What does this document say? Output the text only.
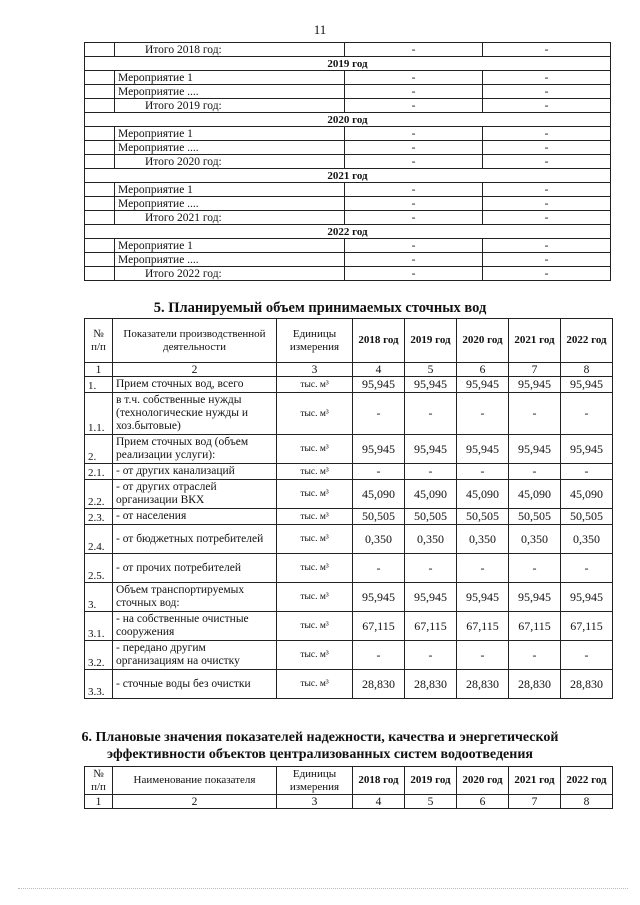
11
	Итого 2018 год:	-	-
2019 год			
	Мероприятие 1	-	-
	Мероприятие ....	-	-
	Итого 2019 год:	-	-
2020 год			
	Мероприятие 1	-	-
	Мероприятие ....	-	-
	Итого 2020 год:	-	-
2021 год			
	Мероприятие 1	-	-
	Мероприятие ....	-	-
	Итого 2021 год:	-	-
2022 год			
	Мероприятие 1	-	-
	Мероприятие ....	-	-
	Итого 2022 год:	-	-
5. Планируемый объем принимаемых сточных вод
№ п/п	Показатели производственной деятельности	Единицы измерения	2018 год	2019 год	2020 год	2021 год	2022 год
1	2	3	4	5	6	7	8
1.	Прием сточных вод, всего	тыс. м³	95,945	95,945	95,945	95,945	95,945
1.1.	в т.ч. собственные нужды (технологические нужды и хоз.бытовые)	тыс. м³	-	-	-	-	-
2.	Прием сточных вод (объем реализации услуги):	тыс. м³	95,945	95,945	95,945	95,945	95,945
2.1.	- от других канализаций	тыс. м³	-	-	-	-	-
2.2.	- от других отраслей организации ВКХ	тыс. м³	45,090	45,090	45,090	45,090	45,090
2.3.	- от населения	тыс. м³	50,505	50,505	50,505	50,505	50,505
2.4.	- от бюджетных потребителей	тыс. м³	0,350	0,350	0,350	0,350	0,350
2.5.	- от прочих потребителей	тыс. м³	-	-	-	-	-
3.	Объем транспортируемых сточных вод:	тыс. м³	95,945	95,945	95,945	95,945	95,945
3.1.	- на собственные очистные сооружения	тыс. м³	67,115	67,115	67,115	67,115	67,115
3.2.	- передано другим организациям на очистку	тыс. м³	-	-	-	-	-
3.3.	- сточные воды без очистки	тыс. м³	28,830	28,830	28,830	28,830	28,830
6. Плановые значения показателей надежности, качества и энергетической
эффективности объектов централизованных систем водоотведения
№ п/п	Наименование показателя	Единицы измерения	2018 год	2019 год	2020 год	2021 год	2022 год
1	2	3	4	5	6	7	8
